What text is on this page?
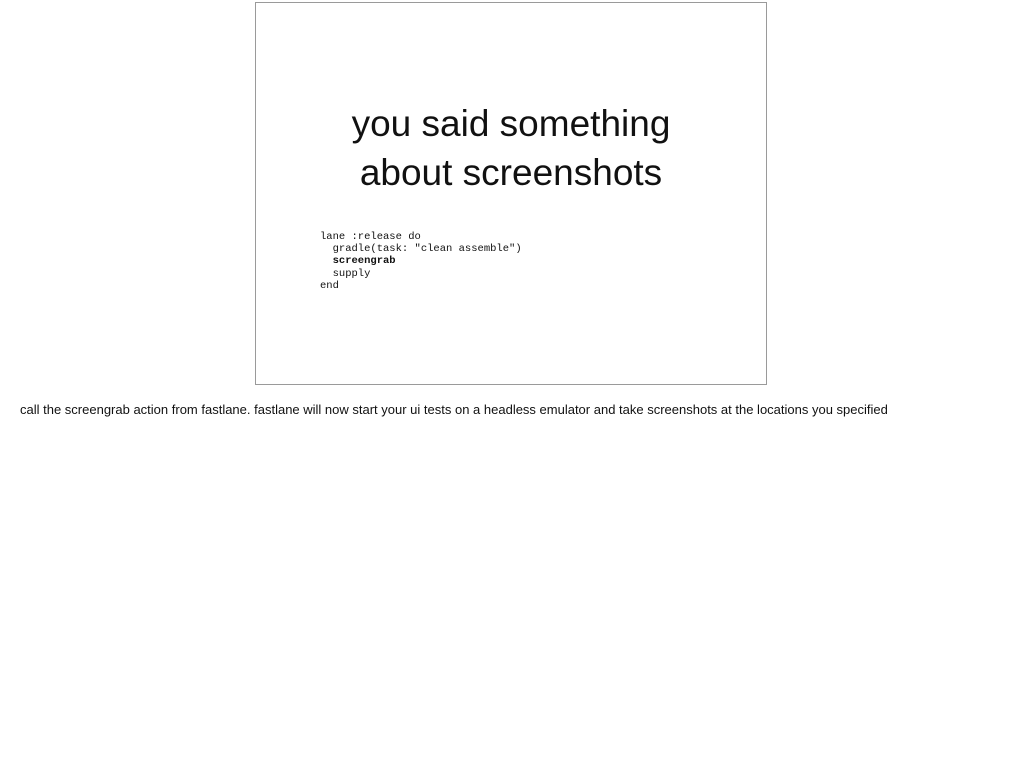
you said something
about screenshots
lane :release do
gradle(task: "clean assemble")
screengrab
supply
end

call the screengrab action from fastlane. fastlane will now start your ui tests on a headless emulator and take screenshots at the locations you specified
